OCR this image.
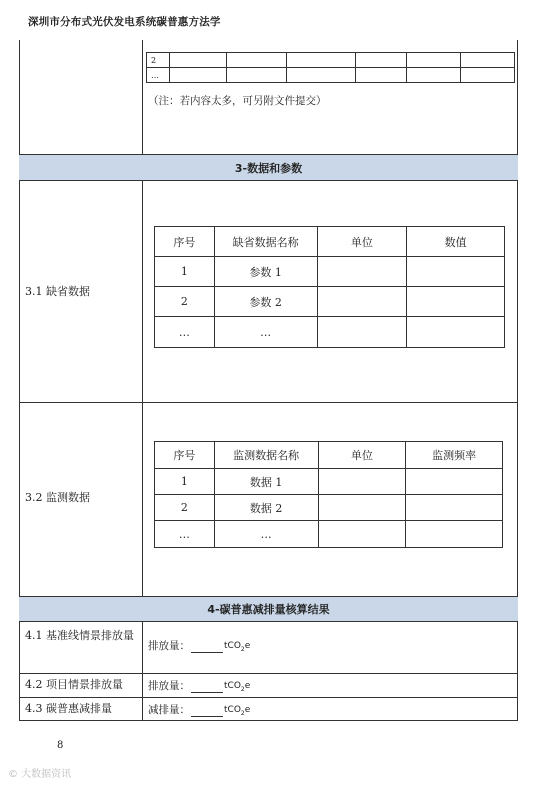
深圳市分布式光伏发电系统碳普惠方法学
2						
…						
（注：若内容太多，可另附文件提交）
3-数据和参数
3.1 缺省数据
序号	缺省数据名称	单位	数值
1	参数 1		
2	参数 2		
…	…		
3.2 监测数据
序号	监测数据名称	单位	监测频率
1	数据 1		
2	数据 2		
…	…		
4-碳普惠减排量核算结果
4.1 基准线情景排放量
排放量：	tCO$_2$e
4.2 项目情景排放量 排放量：	tCO$_2$e
4.3 碳普惠减排量	减排量：	tCO$_2$e
8
© 大数据资讯
